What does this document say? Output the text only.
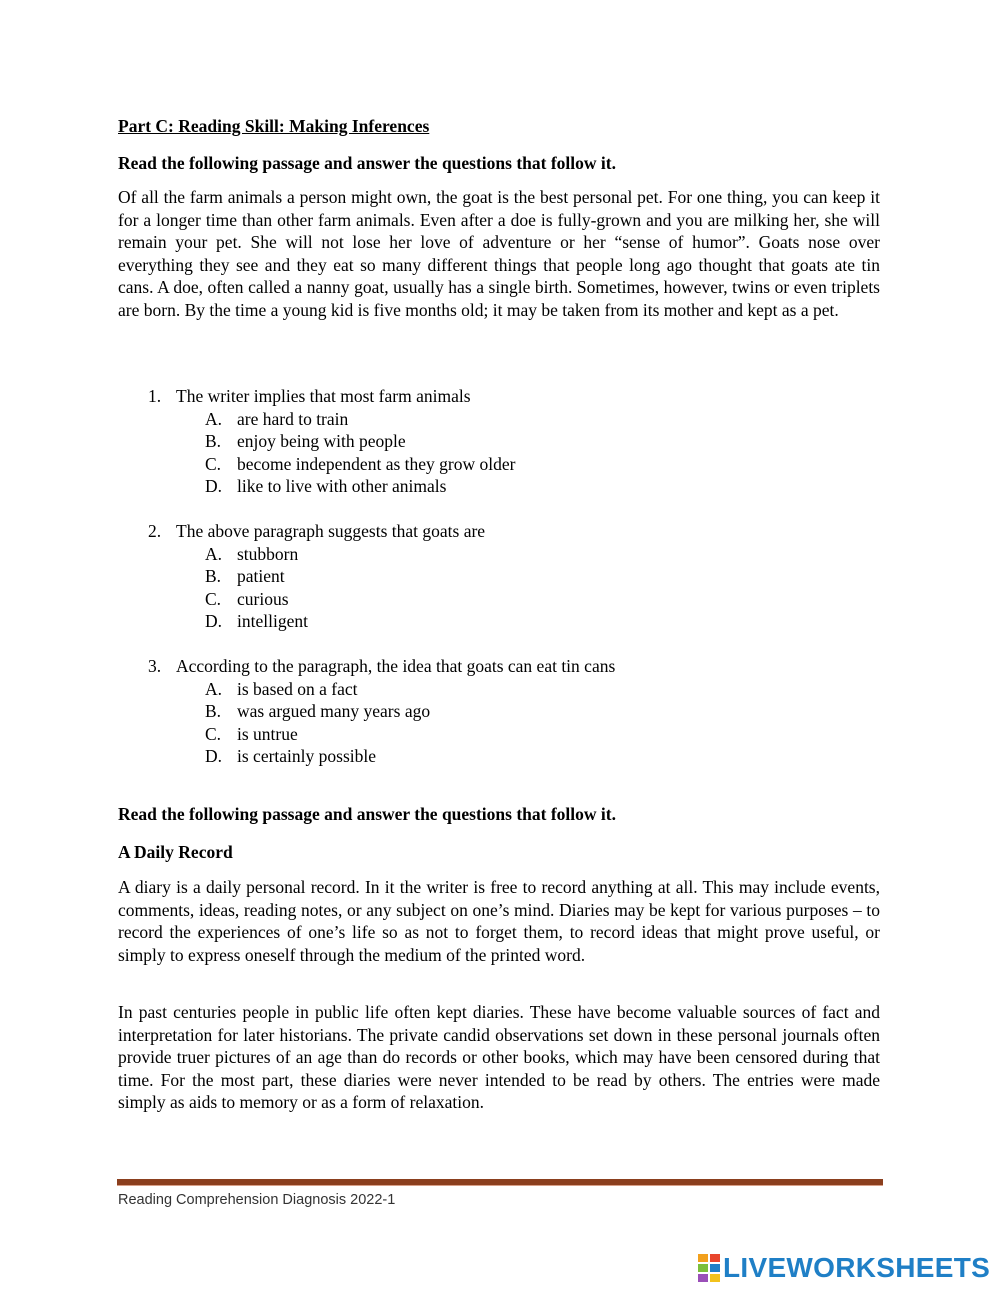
Part C: Reading Skill: Making Inferences

Read the following passage and answer the questions that follow it.

Of all the farm animals a person might own, the goat is the best personal pet. For one thing, you can keep it for a longer time than other farm animals. Even after a doe is fully-grown and you are milking her, she will remain your pet. She will not lose her love of adventure or her “sense of humor”. Goats nose over everything they see and they eat so many different things that people long ago thought that goats ate tin cans. A doe, often called a nanny goat, usually has a single birth. Sometimes, however, twins or even triplets are born. By the time a young kid is five months old; it may be taken from its mother and kept as a pet.

1. The writer implies that most farm animals
A. are hard to train
B. enjoy being with people
C. become independent as they grow older
D. like to live with other animals
2. The above paragraph suggests that goats are
A. stubborn
B. patient
C. curious
D. intelligent
3. According to the paragraph, the idea that goats can eat tin cans
A. is based on a fact
B. was argued many years ago
C. is untrue
D. is certainly possible

Read the following passage and answer the questions that follow it.

A Daily Record

A diary is a daily personal record. In it the writer is free to record anything at all. This may include events, comments, ideas, reading notes, or any subject on one’s mind. Diaries may be kept for various purposes – to record the experiences of one’s life so as not to forget them, to record ideas that might prove useful, or simply to express oneself through the medium of the printed word.

In past centuries people in public life often kept diaries. These have become valuable sources of fact and interpretation for later historians. The private candid observations set down in these personal journals often provide truer pictures of an age than do records or other books, which may have been censored during that time. For the most part, these diaries were never intended to be read by others. The entries were made simply as aids to memory or as a form of relaxation.

Reading Comprehension Diagnosis 2022-1

LIVEWORKSHEETS
